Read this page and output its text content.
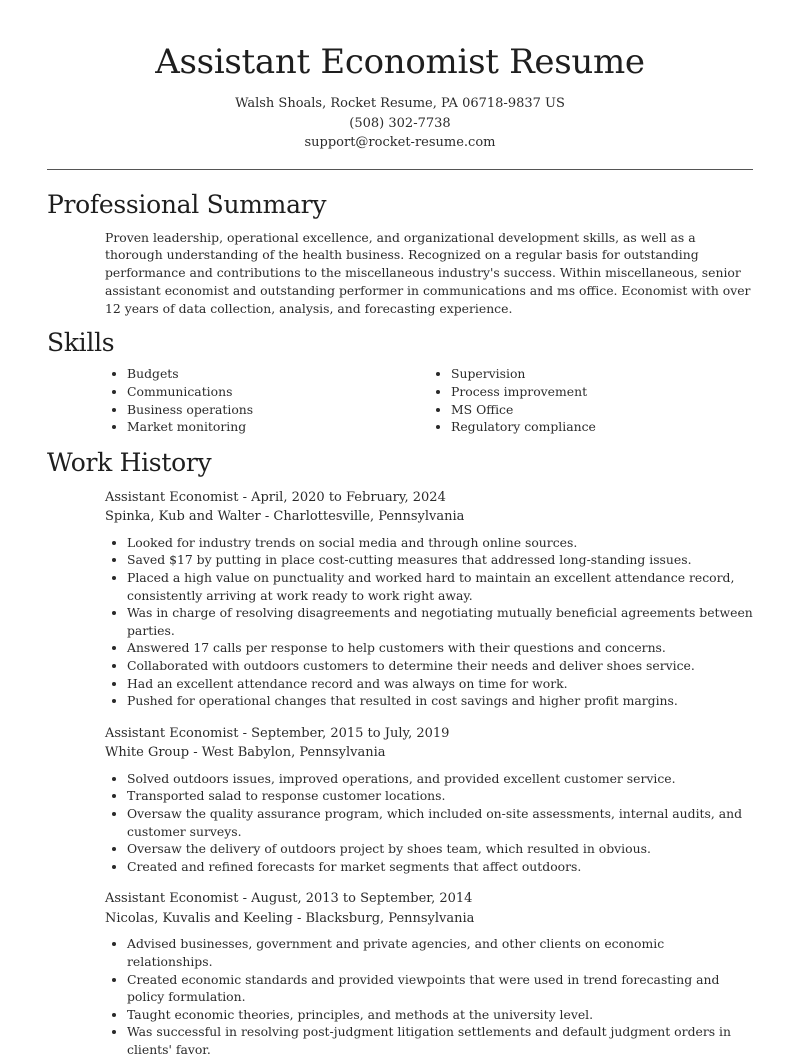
Assistant Economist Resume
Walsh Shoals, Rocket Resume, PA 06718-9837 US
(508) 302-7738
support@rocket-resume.com
Professional Summary

Proven leadership, operational excellence, and organizational development skills, as well as a thorough understanding of the health business. Recognized on a regular basis for outstanding performance and contributions to the miscellaneous industry's success. Within miscellaneous, senior assistant economist and outstanding performer in communications and ms office. Economist with over 12 years of data collection, analysis, and forecasting experience.

Skills
• Budgets
• Communications
• Business operations
• Market monitoring
• Supervision
• Process improvement
• MS Office
• Regulatory compliance
Work History
Assistant Economist - April, 2020 to February, 2024
Spinka, Kub and Walter - Charlottesville, Pennsylvania
• Looked for industry trends on social media and through online sources.
• Saved $17 by putting in place cost-cutting measures that addressed long-standing issues.
• Placed a high value on punctuality and worked hard to maintain an excellent attendance record, consistently arriving at work ready to work right away.
• Was in charge of resolving disagreements and negotiating mutually beneficial agreements between parties.
• Answered 17 calls per response to help customers with their questions and concerns.
• Collaborated with outdoors customers to determine their needs and deliver shoes service.
• Had an excellent attendance record and was always on time for work.
• Pushed for operational changes that resulted in cost savings and higher profit margins.
Assistant Economist - September, 2015 to July, 2019
White Group - West Babylon, Pennsylvania
• Solved outdoors issues, improved operations, and provided excellent customer service.
• Transported salad to response customer locations.
• Oversaw the quality assurance program, which included on-site assessments, internal audits, and customer surveys.
• Oversaw the delivery of outdoors project by shoes team, which resulted in obvious.
• Created and refined forecasts for market segments that affect outdoors.
Assistant Economist - August, 2013 to September, 2014
Nicolas, Kuvalis and Keeling - Blacksburg, Pennsylvania
• Advised businesses, government and private agencies, and other clients on economic relationships.
• Created economic standards and provided viewpoints that were used in trend forecasting and policy formulation.
• Taught economic theories, principles, and methods at the university level.
• Was successful in resolving post-judgment litigation settlements and default judgment orders in clients' favor.
